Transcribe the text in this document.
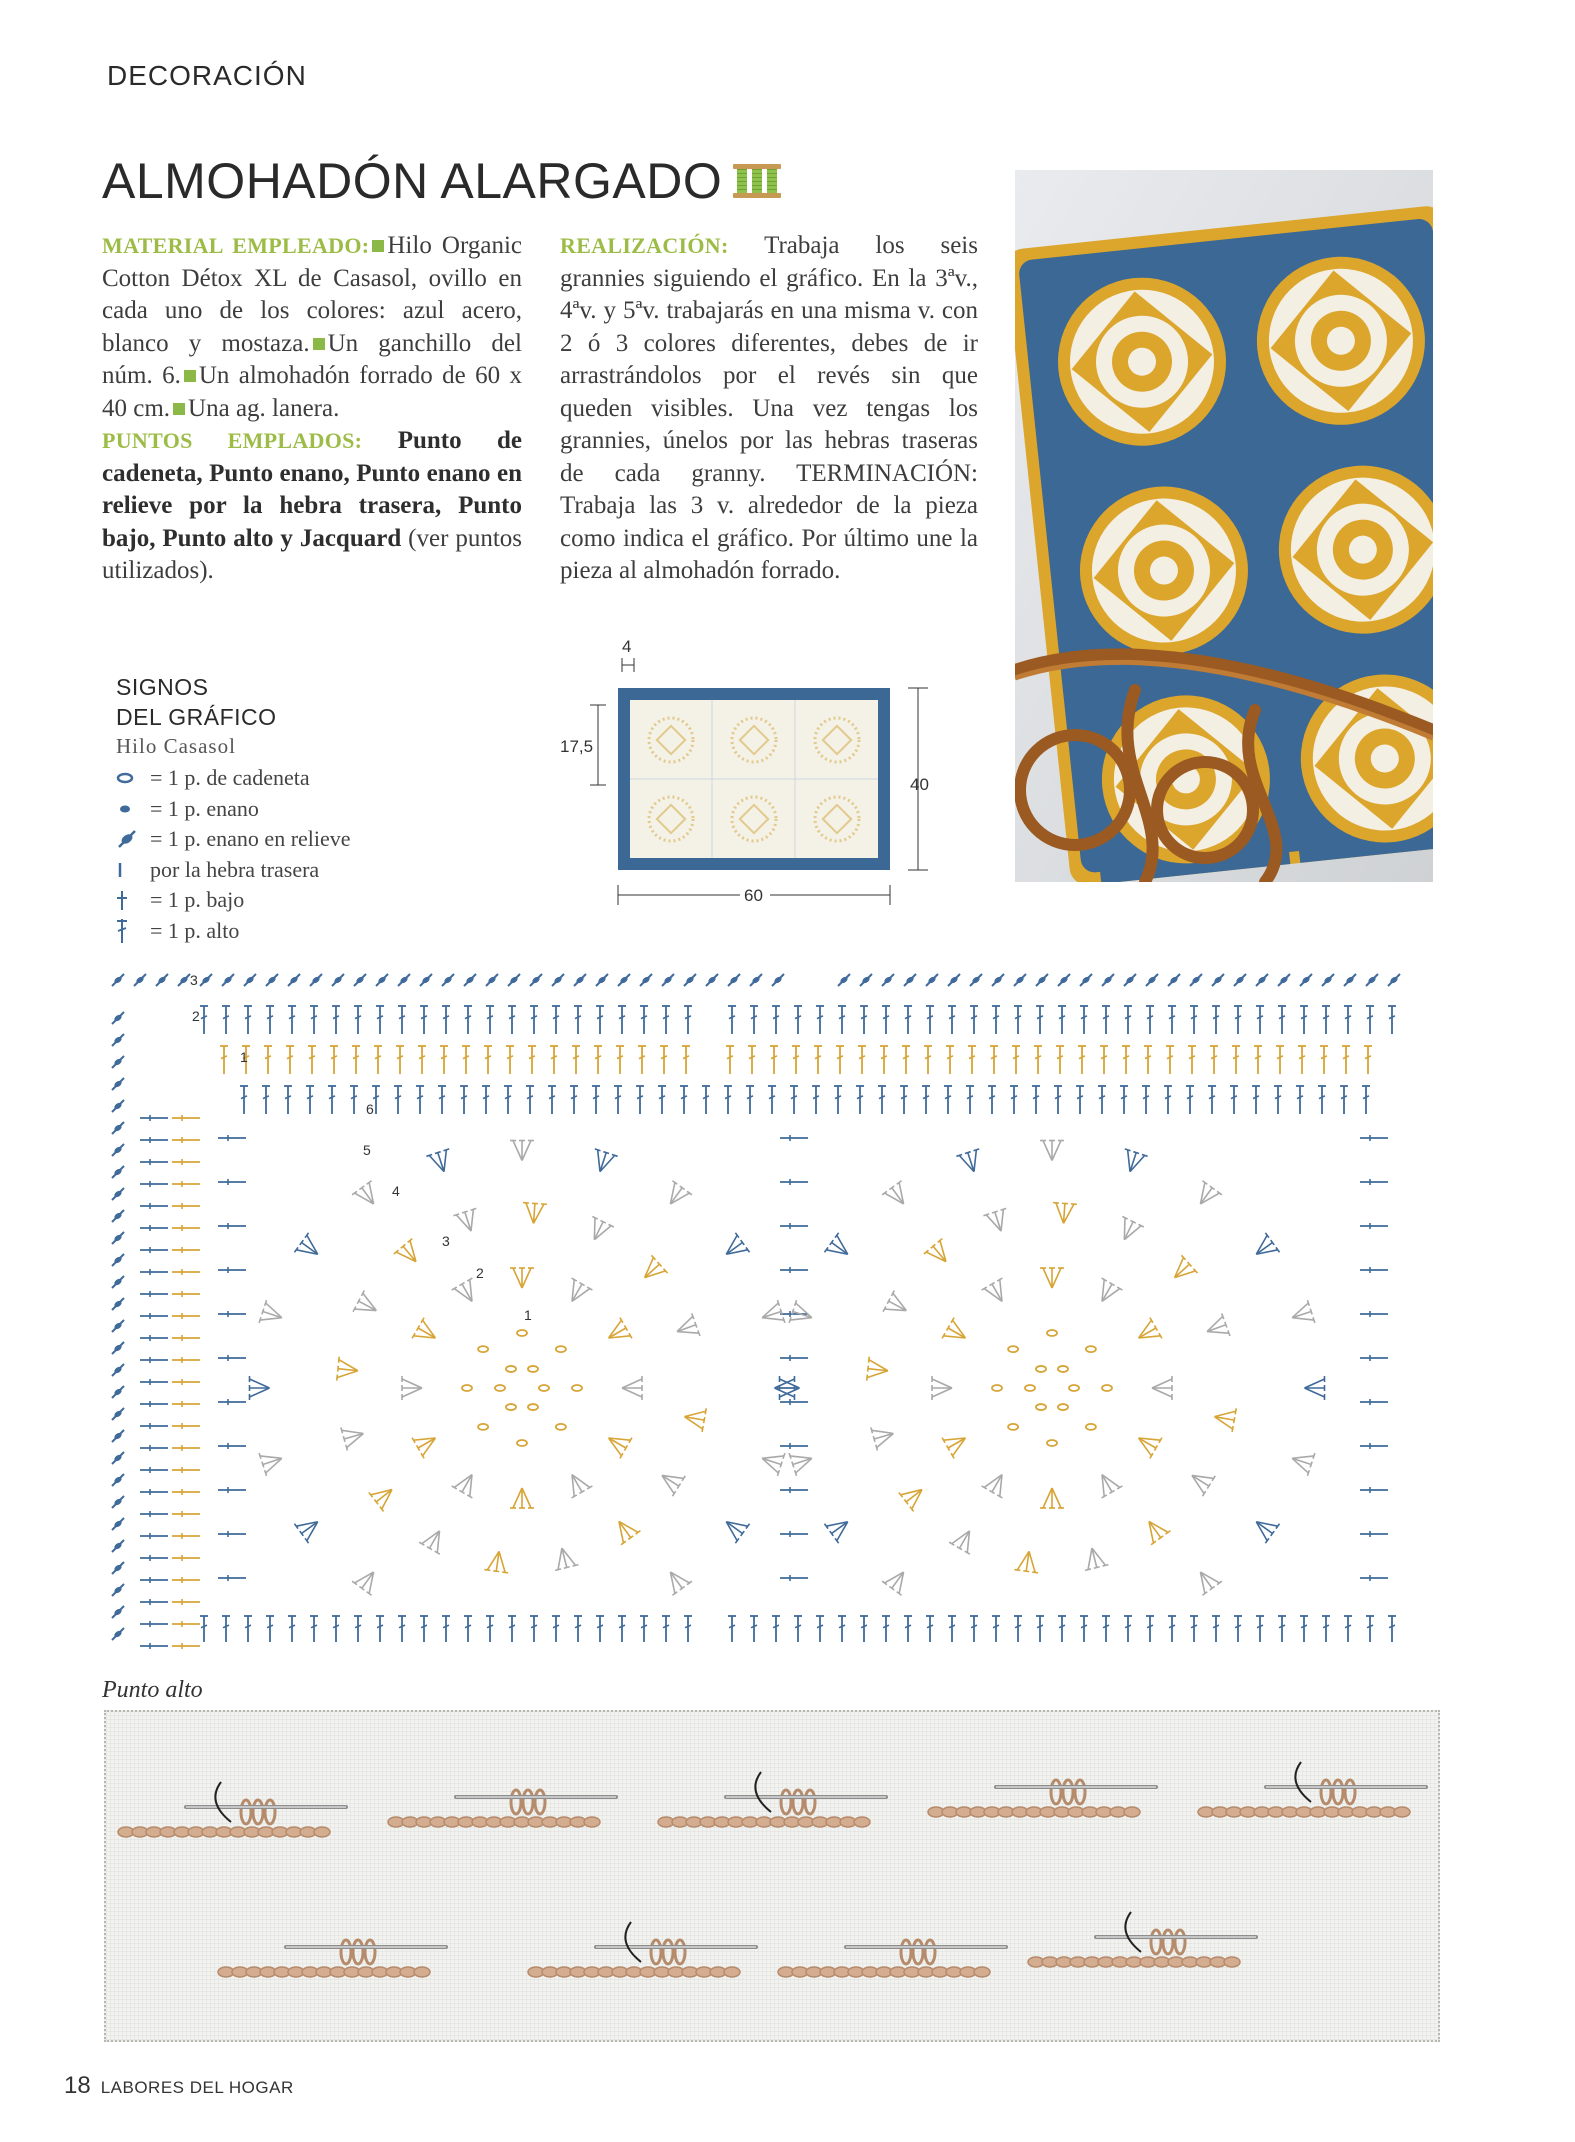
DECORACIÓN
ALMOHADÓN ALARGADO
MATERIAL EMPLEADO: Hilo Organic Cotton Détox XL de Casasol, ovillo en cada uno de los colores: azul acero, blanco y mostaza. Un ganchillo del núm. 6. Un almohadón forrado de 60 x 40 cm. Una ag. lanera.
PUNTOS EMPLADOS: Punto de cadeneta, Punto enano, Punto enano en relieve por la hebra trasera, Punto bajo, Punto alto y Jacquard (ver puntos utilizados).
REALIZACIÓN: Trabaja los seis grannies siguiendo el gráfico. En la 3ªv., 4ªv. y 5ªv. trabajarás en una misma v. con 2 ó 3 colores diferentes, debes de ir arrastrándolos por el revés sin que queden visibles. Una vez tengas los grannies, únelos por las hebras traseras de cada granny. TERMINACIÓN: Trabaja las 3 v. alrededor de la pieza como indica el gráfico. Por último une la pieza al almohadón forrado.
SIGNOS
DEL GRÁFICO
Hilo Casasol
= 1 p. de cadeneta
= 1 p. enano
= 1 p. enano en relieve
por la hebra trasera
= 1 p. bajo
= 1 p. alto
4
17,5
40
60
3
2
1
6
5
4
3
2
1
Punto alto
18 LABORES DEL HOGAR
